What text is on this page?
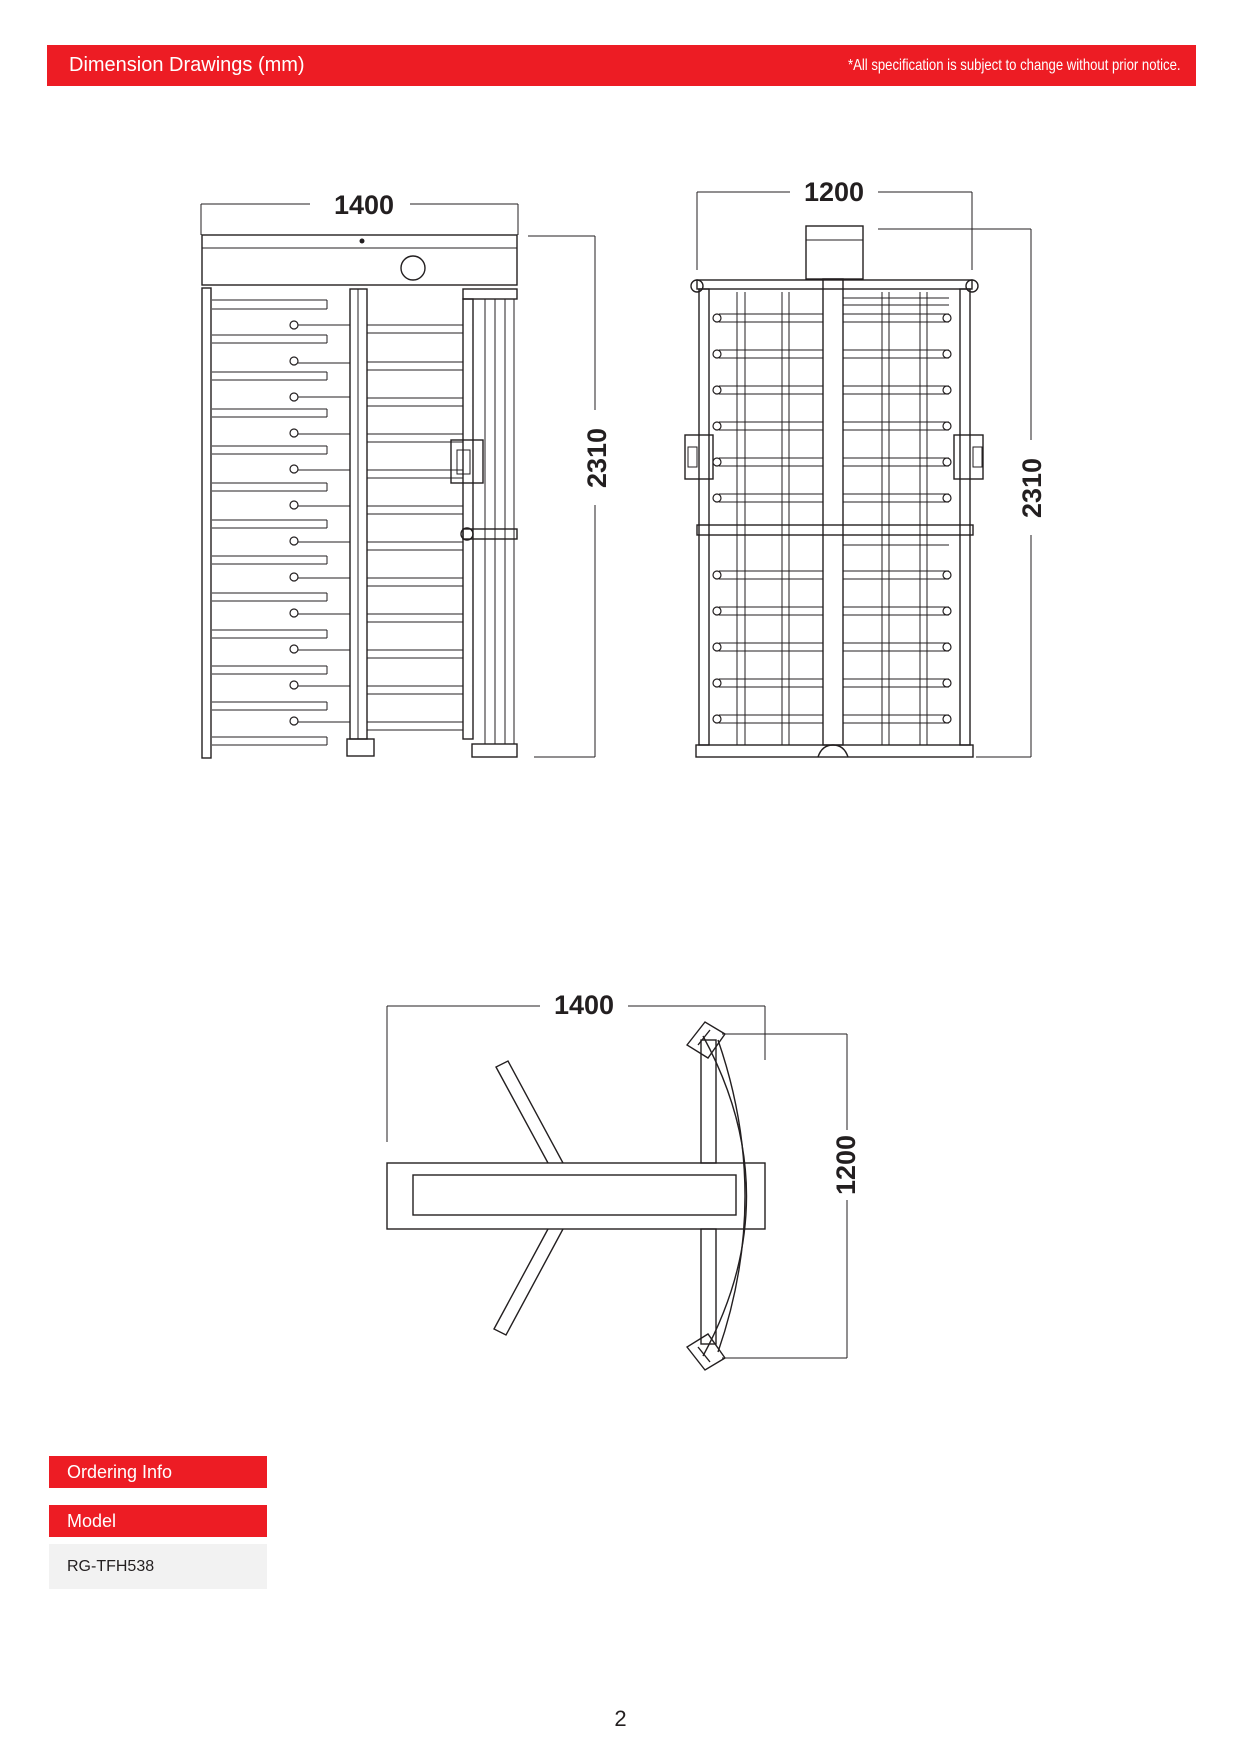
Dimension Drawings (mm)	*All specification is subject to change without prior notice.
1400
2310
1200
2310
1400
1200
Ordering Info
Model
RG-TFH538
2
